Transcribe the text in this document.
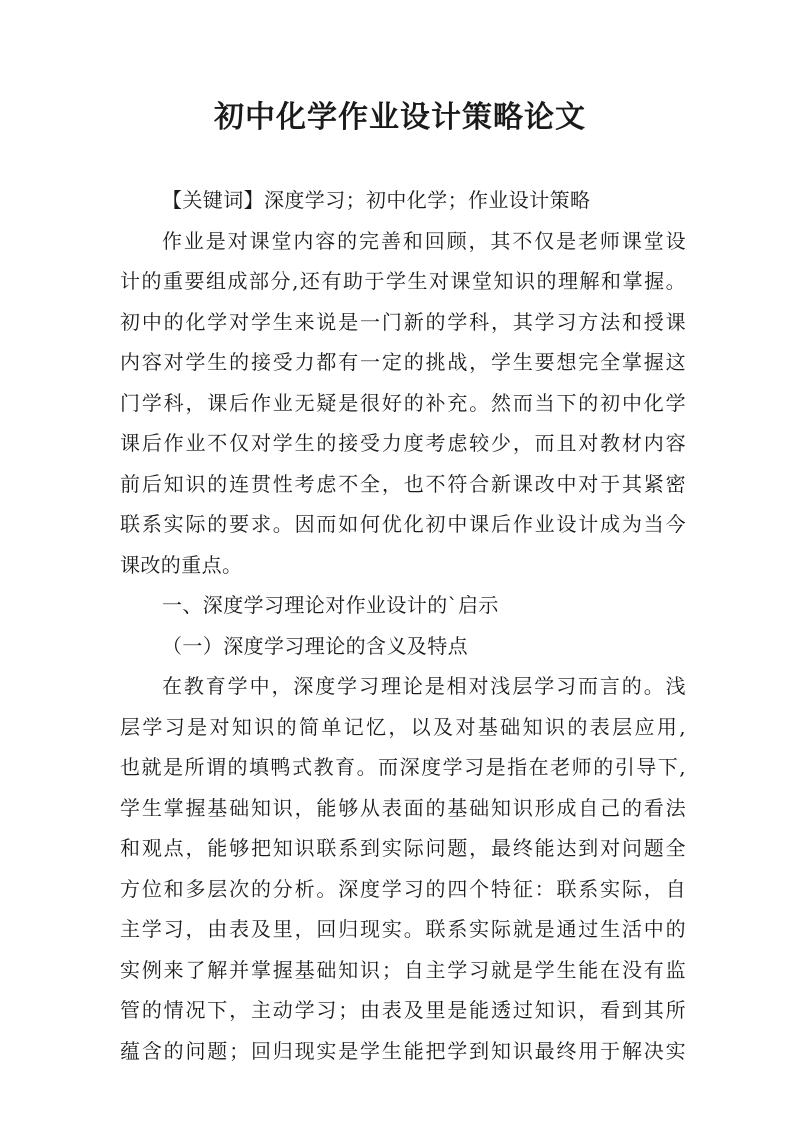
初中化学作业设计策略论文
【关键词】深度学习；初中化学；作业设计策略
作业是对课堂内容的完善和回顾，其不仅是老师课堂设
计的重要组成部分,还有助于学生对课堂知识的理解和掌握。
初中的化学对学生来说是一门新的学科，其学习方法和授课
内容对学生的接受力都有一定的挑战，学生要想完全掌握这
门学科，课后作业无疑是很好的补充。然而当下的初中化学
课后作业不仅对学生的接受力度考虑较少，而且对教材内容
前后知识的连贯性考虑不全，也不符合新课改中对于其紧密
联系实际的要求。因而如何优化初中课后作业设计成为当今
课改的重点。
一、深度学习理论对作业设计的`启示
（一）深度学习理论的含义及特点
在教育学中，深度学习理论是相对浅层学习而言的。浅
层学习是对知识的简单记忆，以及对基础知识的表层应用,
也就是所谓的填鸭式教育。而深度学习是指在老师的引导下,
学生掌握基础知识，能够从表面的基础知识形成自己的看法
和观点，能够把知识联系到实际问题，最终能达到对问题全
方位和多层次的分析。深度学习的四个特征：联系实际，自
主学习，由表及里，回归现实。联系实际就是通过生活中的
实例来了解并掌握基础知识；自主学习就是学生能在没有监
管的情况下，主动学习；由表及里是能透过知识，看到其所
蕴含的问题；回归现实是学生能把学到知识最终用于解决实
